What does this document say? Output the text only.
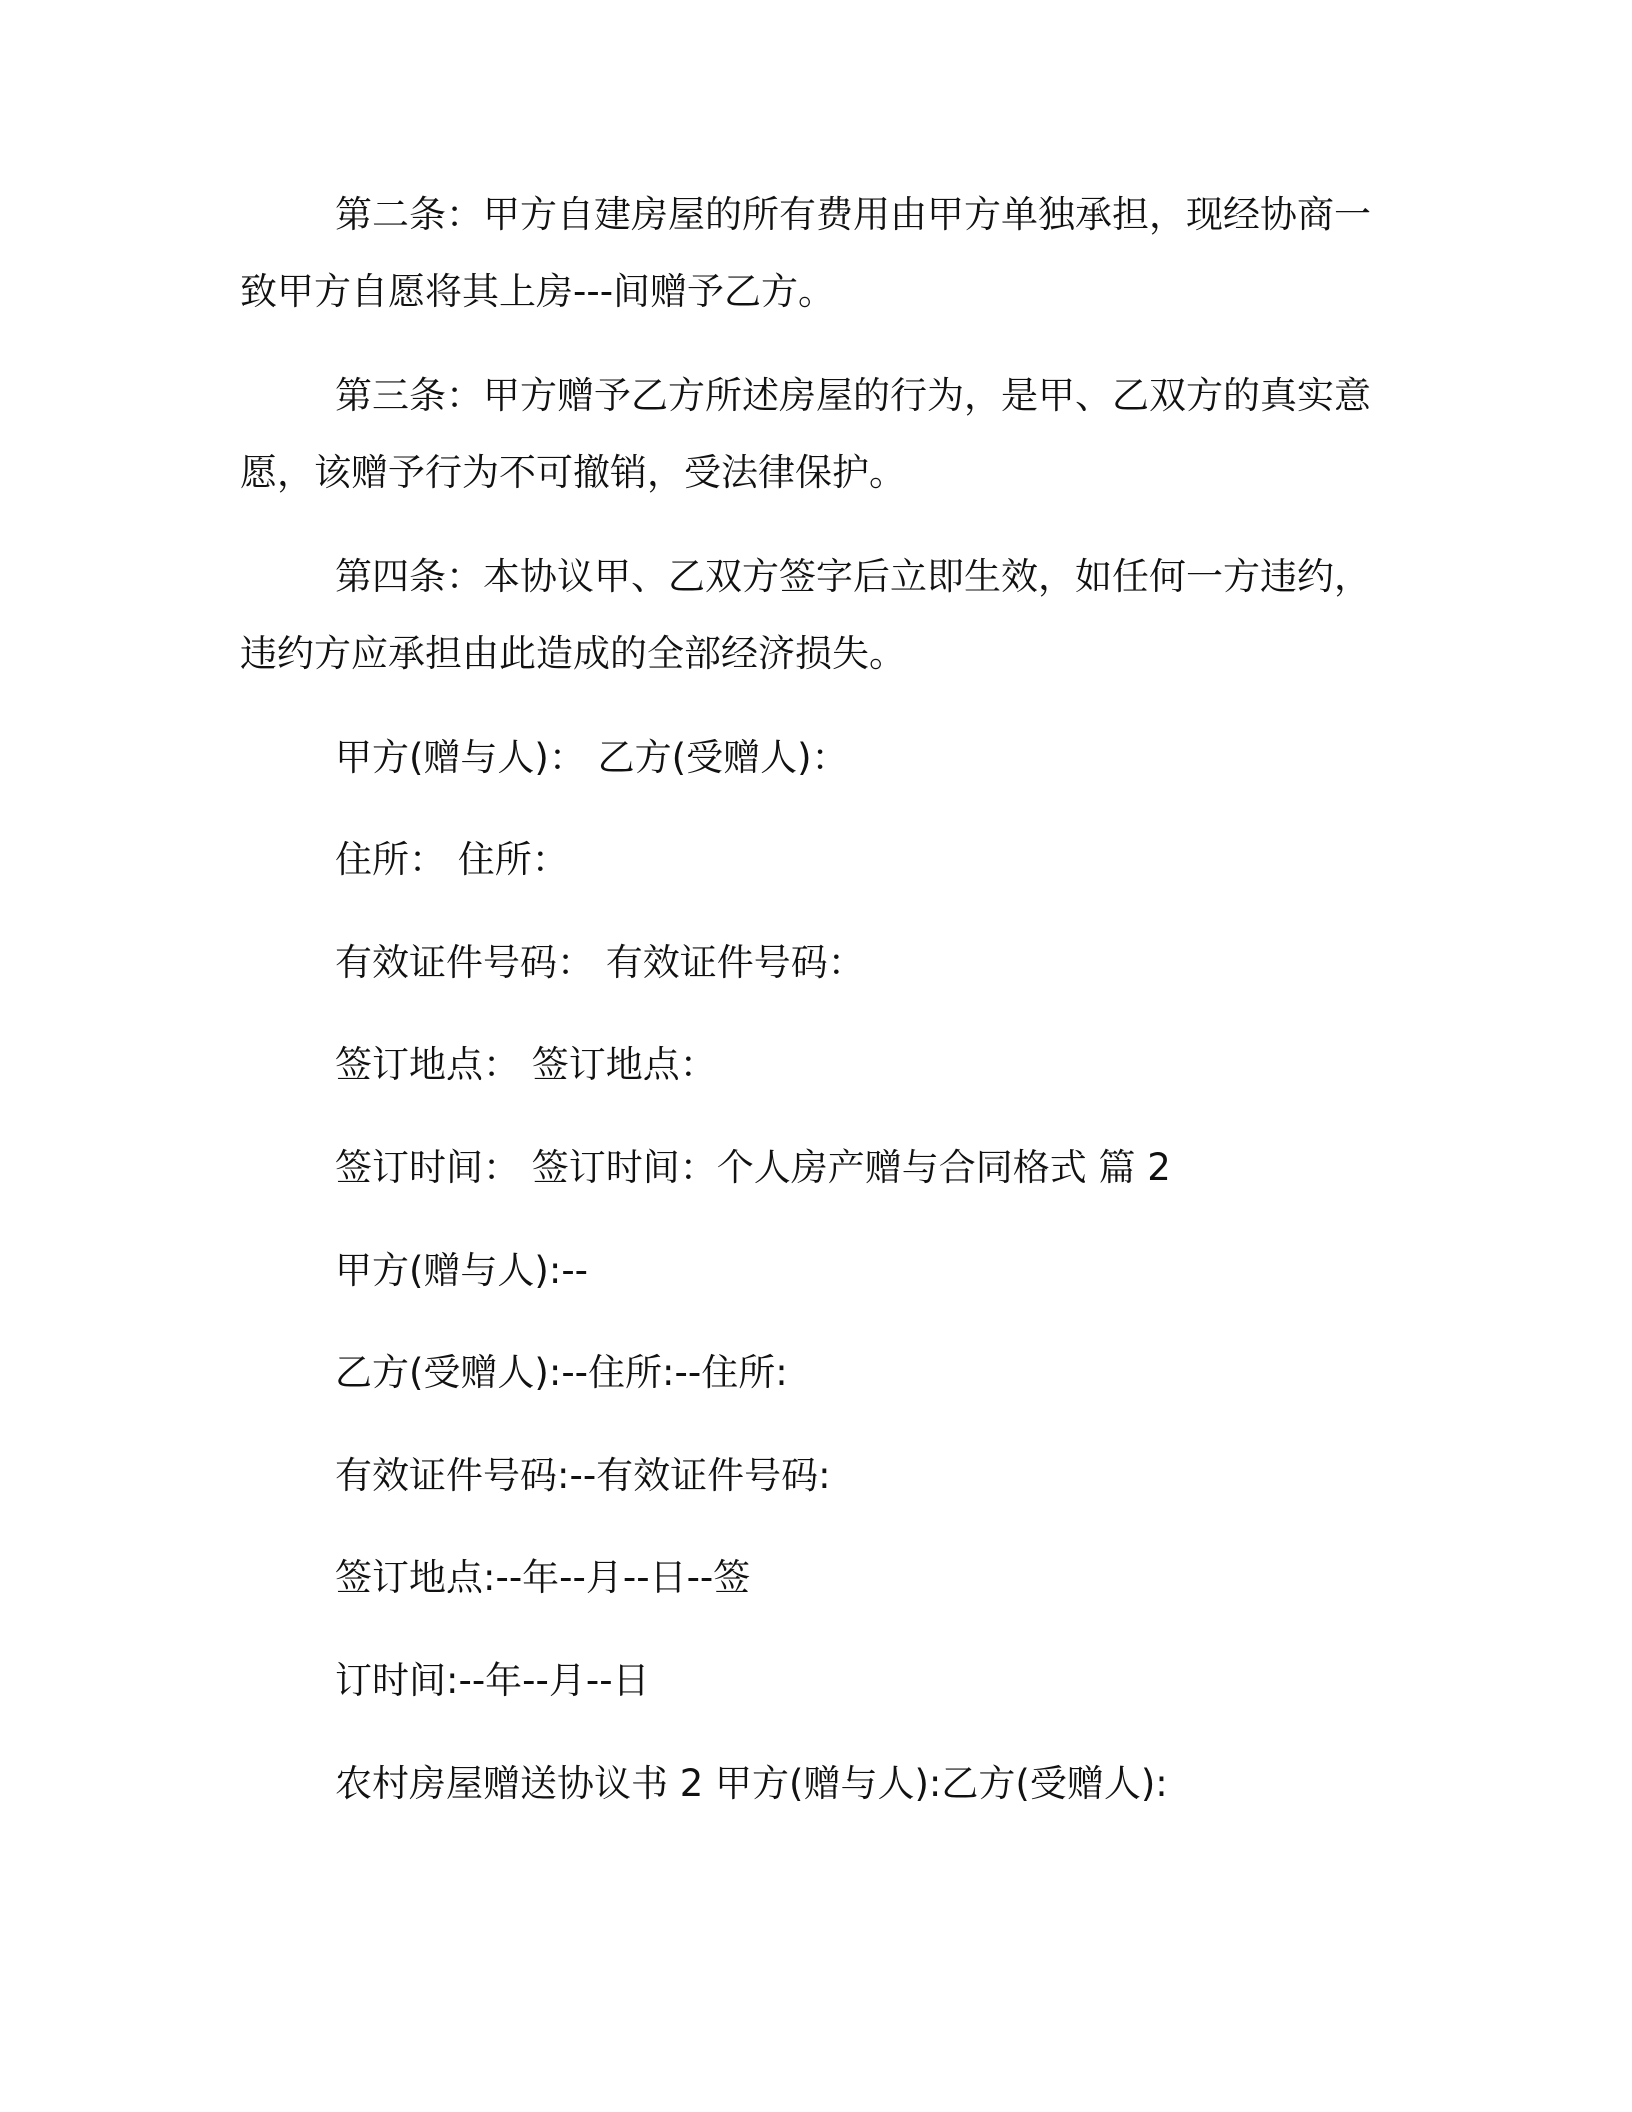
第二条：甲方自建房屋的所有费用由甲方单独承担，现经协商一
致甲方自愿将其上房---间赠予乙方。

第三条：甲方赠予乙方所述房屋的行为，是甲、乙双方的真实意
愿，该赠予行为不可撤销，受法律保护。

第四条：本协议甲、乙双方签字后立即生效，如任何一方违约，
违约方应承担由此造成的全部经济损失。

甲方(赠与人)： 乙方(受赠人)：

住所： 住所：

有效证件号码： 有效证件号码：

签订地点： 签订地点：

签订时间： 签订时间：个人房产赠与合同格式 篇 2

甲方(赠与人):--

乙方(受赠人):--住所:--住所:

有效证件号码:--有效证件号码:

签订地点:--年--月--日--签

订时间:--年--月--日

农村房屋赠送协议书 2 甲方(赠与人):乙方(受赠人):
